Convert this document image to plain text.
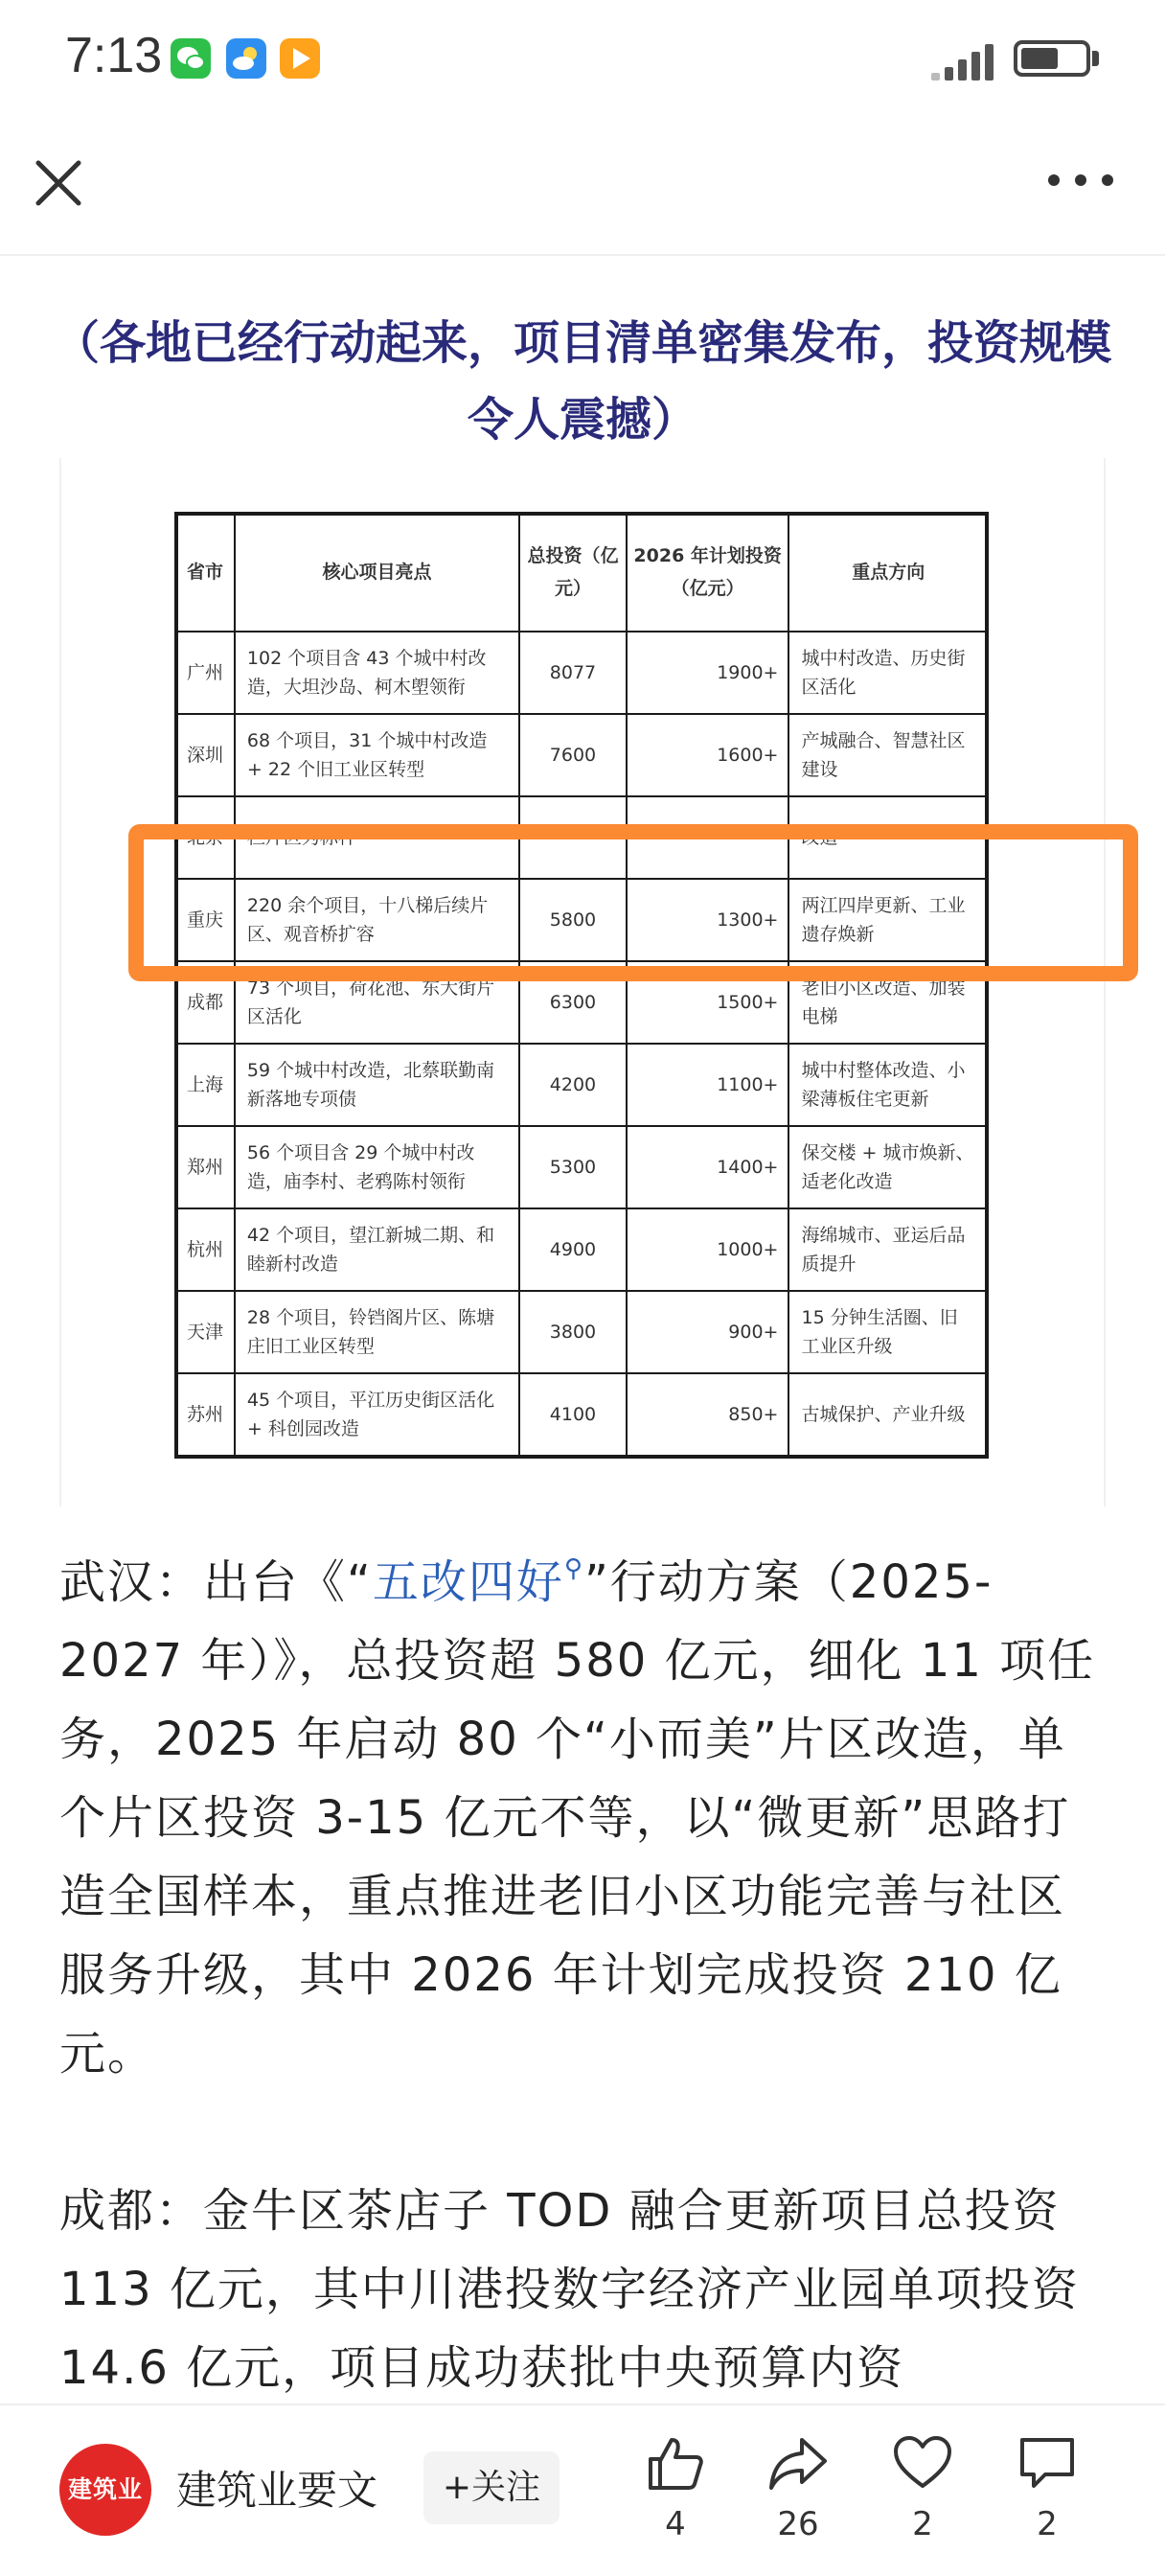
7:13
（各地已经行动起来，项目清单密集发布，投资规模令人震撼）
省市	核心项目亮点	总投资（亿元）	2026 年计划投资（亿元）	重点方向
广州	102 个项目含 43 个城中村改造，大坦沙岛、柯木塱领衔	8077	1900+	城中村改造、历史街区活化
深圳	68 个项目，31 个城中村改造 + 22 个旧工业区转型	7600	1600+	产城融合、智慧社区建设
北京	栏片区为标杆			改造
重庆	220 余个项目，十八梯后续片区、观音桥扩容	5800	1300+	两江四岸更新、工业遗存焕新
成都	73 个项目，荷花池、东大街片区活化	6300	1500+	老旧小区改造、加装电梯
上海	59 个城中村改造，北蔡联勤南新落地专项债	4200	1100+	城中村整体改造、小梁薄板住宅更新
郑州	56 个项目含 29 个城中村改造，庙李村、老鸦陈村领衔	5300	1400+	保交楼 + 城市焕新、适老化改造
杭州	42 个项目，望江新城二期、和睦新村改造	4900	1000+	海绵城市、亚运后品质提升
天津	28 个项目，铃铛阁片区、陈塘庄旧工业区转型	3800	900+	15 分钟生活圈、旧工业区升级
苏州	45 个项目，平江历史街区活化 + 科创园改造	4100	850+	古城保护、产业升级

武汉：出台《“五改四好⚲”行动方案（2025-2027 年）》，总投资超 580 亿元，细化 11 项任务，2025 年启动 80 个“小而美”片区改造，单个片区投资 3-15 亿元不等，以“微更新”思路打造全国样本，重点推进老旧小区功能完善与社区服务升级，其中 2026 年计划完成投资 210 亿元。

成都：金牛区茶店子 TOD 融合更新项目总投资 113 亿元，其中川港投数字经济产业园单项投资 14.6 亿元，项目成功获批中央预算内资

建筑业 建筑业要文	+关注
4	26	2	2
